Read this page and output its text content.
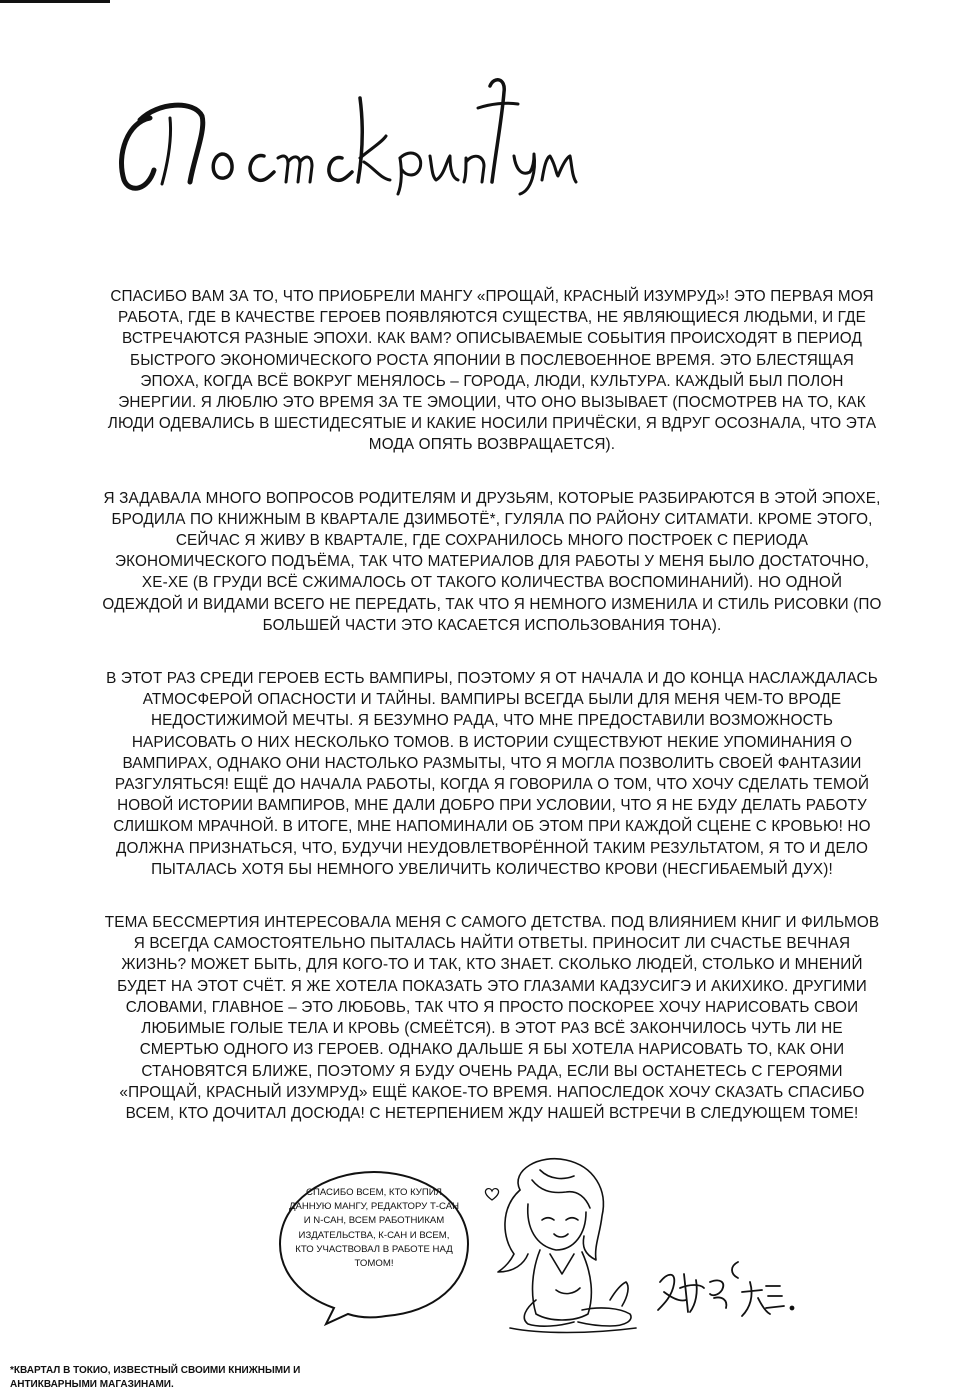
СПАСИБО ВАМ ЗА ТО, ЧТО ПРИОБРЕЛИ МАНГУ «ПРОЩАЙ, КРАСНЫЙ ИЗУМРУД»! ЭТО ПЕРВАЯ МОЯ РАБОТА, ГДЕ В КАЧЕСТВЕ ГЕРОЕВ ПОЯВЛЯЮТСЯ СУЩЕСТВА, НЕ ЯВЛЯЮЩИЕСЯ ЛЮДЬМИ, И ГДЕ ВСТРЕЧАЮТСЯ РАЗНЫЕ ЭПОХИ. КАК ВАМ? ОПИСЫВАЕМЫЕ СОБЫТИЯ ПРОИСХОДЯТ В ПЕРИОД БЫСТРОГО ЭКОНОМИЧЕСКОГО РОСТА ЯПОНИИ В ПОСЛЕВОЕННОЕ ВРЕМЯ. ЭТО БЛЕСТЯЩАЯ ЭПОХА, КОГДА ВСЁ ВОКРУГ МЕНЯЛОСЬ – ГОРОДА, ЛЮДИ, КУЛЬТУРА. КАЖДЫЙ БЫЛ ПОЛОН ЭНЕРГИИ. Я ЛЮБЛЮ ЭТО ВРЕМЯ ЗА ТЕ ЭМОЦИИ, ЧТО ОНО ВЫЗЫВАЕТ (ПОСМОТРЕВ НА ТО, КАК ЛЮДИ ОДЕВАЛИСЬ В ШЕСТИДЕСЯТЫЕ И КАКИЕ НОСИЛИ ПРИЧЁСКИ, Я ВДРУГ ОСОЗНАЛА, ЧТО ЭТА МОДА ОПЯТЬ ВОЗВРАЩАЕТСЯ).

Я ЗАДАВАЛА МНОГО ВОПРОСОВ РОДИТЕЛЯМ И ДРУЗЬЯМ, КОТОРЫЕ РАЗБИРАЮТСЯ В ЭТОЙ ЭПОХЕ, БРОДИЛА ПО КНИЖНЫМ В КВАРТАЛЕ ДЗИМБОТЁ*, ГУЛЯЛА ПО РАЙОНУ СИТАМАТИ. КРОМЕ ЭТОГО, СЕЙЧАС Я ЖИВУ В КВАРТАЛЕ, ГДЕ СОХРАНИЛОСЬ МНОГО ПОСТРОЕК С ПЕРИОДА ЭКОНОМИЧЕСКОГО ПОДЪЁМА, ТАК ЧТО МАТЕРИАЛОВ ДЛЯ РАБОТЫ У МЕНЯ БЫЛО ДОСТАТОЧНО, ХЕ-ХЕ (В ГРУДИ ВСЁ СЖИМАЛОСЬ ОТ ТАКОГО КОЛИЧЕСТВА ВОСПОМИНАНИЙ). НО ОДНОЙ ОДЕЖДОЙ И ВИДАМИ ВСЕГО НЕ ПЕРЕДАТЬ, ТАК ЧТО Я НЕМНОГО ИЗМЕНИЛА И СТИЛЬ РИСОВКИ (ПО БОЛЬШЕЙ ЧАСТИ ЭТО КАСАЕТСЯ ИСПОЛЬЗОВАНИЯ ТОНА).

В ЭТОТ РАЗ СРЕДИ ГЕРОЕВ ЕСТЬ ВАМПИРЫ, ПОЭТОМУ Я ОТ НАЧАЛА И ДО КОНЦА НАСЛАЖДАЛАСЬ АТМОСФЕРОЙ ОПАСНОСТИ И ТАЙНЫ. ВАМПИРЫ ВСЕГДА БЫЛИ ДЛЯ МЕНЯ ЧЕМ-ТО ВРОДЕ НЕДОСТИЖИМОЙ МЕЧТЫ. Я БЕЗУМНО РАДА, ЧТО МНЕ ПРЕДОСТАВИЛИ ВОЗМОЖНОСТЬ НАРИСОВАТЬ О НИХ НЕСКОЛЬКО ТОМОВ. В ИСТОРИИ СУЩЕСТВУЮТ НЕКИЕ УПОМИНАНИЯ О ВАМПИРАХ, ОДНАКО ОНИ НАСТОЛЬКО РАЗМЫТЫ, ЧТО Я МОГЛА ПОЗВОЛИТЬ СВОЕЙ ФАНТАЗИИ РАЗГУЛЯТЬСЯ! ЕЩЁ ДО НАЧАЛА РАБОТЫ, КОГДА Я ГОВОРИЛА О ТОМ, ЧТО ХОЧУ СДЕЛАТЬ ТЕМОЙ НОВОЙ ИСТОРИИ ВАМПИРОВ, МНЕ ДАЛИ ДОБРО ПРИ УСЛОВИИ, ЧТО Я НЕ БУДУ ДЕЛАТЬ РАБОТУ СЛИШКОМ МРАЧНОЙ. В ИТОГЕ, МНЕ НАПОМИНАЛИ ОБ ЭТОМ ПРИ КАЖДОЙ СЦЕНЕ С КРОВЬЮ! НО ДОЛЖНА ПРИЗНАТЬСЯ, ЧТО, БУДУЧИ НЕУДОВЛЕТВОРЁННОЙ ТАКИМ РЕЗУЛЬТАТОМ, Я ТО И ДЕЛО ПЫТАЛАСЬ ХОТЯ БЫ НЕМНОГО УВЕЛИЧИТЬ КОЛИЧЕСТВО КРОВИ (НЕСГИБАЕМЫЙ ДУХ)!

ТЕМА БЕССМЕРТИЯ ИНТЕРЕСОВАЛА МЕНЯ С САМОГО ДЕТСТВА. ПОД ВЛИЯНИЕМ КНИГ И ФИЛЬМОВ Я ВСЕГДА САМОСТОЯТЕЛЬНО ПЫТАЛАСЬ НАЙТИ ОТВЕТЫ. ПРИНОСИТ ЛИ СЧАСТЬЕ ВЕЧНАЯ ЖИЗНЬ? МОЖЕТ БЫТЬ, ДЛЯ КОГО-ТО И ТАК, КТО ЗНАЕТ. СКОЛЬКО ЛЮДЕЙ, СТОЛЬКО И МНЕНИЙ БУДЕТ НА ЭТОТ СЧЁТ. Я ЖЕ ХОТЕЛА ПОКАЗАТЬ ЭТО ГЛАЗАМИ КАДЗУСИГЭ И АКИХИКО. ДРУГИМИ СЛОВАМИ, ГЛАВНОЕ – ЭТО ЛЮБОВЬ, ТАК ЧТО Я ПРОСТО ПОСКОРЕЕ ХОЧУ НАРИСОВАТЬ СВОИ ЛЮБИМЫЕ ГОЛЫЕ ТЕЛА И КРОВЬ (СМЕЁТСЯ). В ЭТОТ РАЗ ВСЁ ЗАКОНЧИЛОСЬ ЧУТЬ ЛИ НЕ СМЕРТЬЮ ОДНОГО ИЗ ГЕРОЕВ. ОДНАКО ДАЛЬШЕ Я БЫ ХОТЕЛА НАРИСОВАТЬ ТО, КАК ОНИ СТАНОВЯТСЯ БЛИЖЕ, ПОЭТОМУ Я БУДУ ОЧЕНЬ РАДА, ЕСЛИ ВЫ ОСТАНЕТЕСЬ С ГЕРОЯМИ «ПРОЩАЙ, КРАСНЫЙ ИЗУМРУД» ЕЩЁ КАКОЕ-ТО ВРЕМЯ. НАПОСЛЕДОК ХОЧУ СКАЗАТЬ СПАСИБО ВСЕМ, КТО ДОЧИТАЛ ДОСЮДА! С НЕТЕРПЕНИЕМ ЖДУ НАШЕЙ ВСТРЕЧИ В СЛЕДУЮЩЕМ ТОМЕ!

СПАСИБО ВСЕМ, КТО КУПИЛ ДАННУЮ МАНГУ, РЕДАКТОРУ Т-САН И N-САН, ВСЕМ РАБОТНИКАМ ИЗДАТЕЛЬСТВА, К-САН И ВСЕМ, КТО УЧАСТВОВАЛ В РАБОТЕ НАД ТОМОМ!
*КВАРТАЛ В ТОКИО, ИЗВЕСТНЫЙ СВОИМИ КНИЖНЫМИ И АНТИКВАРНЫМИ МАГАЗИНАМИ.
